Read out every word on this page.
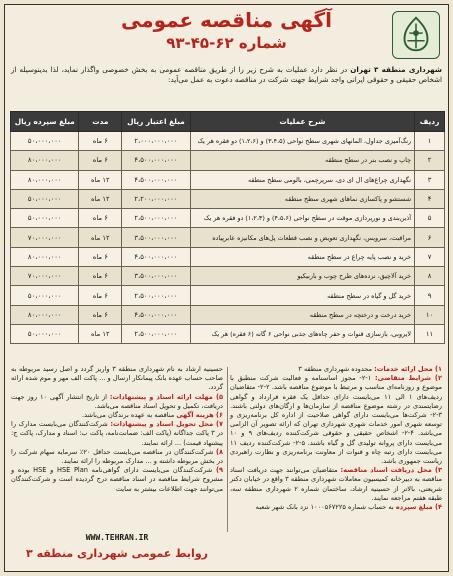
آگهی مناقصه عمومی
شماره ۶۲-۴۵-۹۳
شهرداری منطقه ۳ تهران در نظر دارد عملیات به شرح زیر را از طریق مناقصه عمومی به بخش خصوصی واگذار نماید، لذا بدینوسیله از اشخاص حقیقی و حقوقی ایرانی واجد شرایط جهت شرکت در مناقصه دعوت به عمل می‌آید:
ردیف	شرح عملیات	مبلغ اعتبار ریال	مدت	مبلغ سپرده ریال
۱	رنگ‌آمیزی جداول، المانهای شهری سطح نواحی (۳،۴،۵) و (۱،۲،۶) دو فقره هر یک	۲،۰۰۰،۰۰۰،۰۰۰	۶ ماه	۵۰،۰۰۰،۰۰۰
۲	چاپ و نصب بنر در سطح منطقه	۴،۵۰۰،۰۰۰،۰۰۰	۶ ماه	۸۰،۰۰۰،۰۰۰
۳	نگهداری چراغ‌های ال ای دی، سرپرچمی، بالومی سطح منطقه	۴،۵۰۰،۰۰۰،۰۰۰	۱۲ ماه	۸۰،۰۰۰،۰۰۰
۴	شستشو و پاکسازی نماهای شهری سطح منطقه	۲،۲۰۰،۰۰۰،۰۰۰	۱۲ ماه	۵۰،۰۰۰،۰۰۰
۵	آذین‌بندی و نورپردازی موقت در سطح نواحی (۴،۵،۶) و (۱،۲،۳) دو فقره هر یک	۲،۵۰۰،۰۰۰،۰۰۰	۶ ماه	۵۰،۰۰۰،۰۰۰
۶	مراقبت، سرویس، نگهداری تعویض و نصب قطعات پل‌های مکانیزه عابرپیاده	۳،۵۰۰،۰۰۰،۰۰۰	۱۲ ماه	۷۰،۰۰۰،۰۰۰
۷	خرید و نصب پایه چراغ در سطح منطقه	۴،۵۰۰،۰۰۰،۰۰۰	۶ ماه	۸۰،۰۰۰،۰۰۰
۸	خرید آلاچیق، نرده‌های طرح چوب و باربیکیو	۳،۵۰۰،۰۰۰،۰۰۰	۶ ماه	۷۰،۰۰۰،۰۰۰
۹	خرید گل و گیاه در سطح منطقه	۲،۵۰۰،۰۰۰،۰۰۰	۶ ماه	۵۰،۰۰۰،۰۰۰
۱۰	خرید درخت و درختچه در سطح منطقه	۴،۵۰۰،۰۰۰،۰۰۰	۶ ماه	۸۰،۰۰۰،۰۰۰
۱۱	لایروبی، بازسازی قنوات و حفر چاه‌های جذبی نواحی ۶ گانه (۶ فقره) هر یک	۲،۵۰۰،۰۰۰،۰۰۰	۱۲ ماه	۵۰،۰۰۰،۰۰۰
۱) محل ارائه خدمات: محدوده شهرداری منطقه ۳
۲) شرایط متقاضی: ۱-۲- مجوز اساسنامه و فعالیت شرکت منطبق با موضوع و روزنامه‌ای مناسب و مرتبط با موضوع مناقصه باشد. ۲-۲- متقاضیان ردیف‌های ۱ الی ۱۱ می‌بایست دارای حداقل یک فقره قرارداد و گواهی رضایتمندی در رشته موضوع مناقصه از سازمان‌ها و ارگان‌های دولتی باشند. ۳-۲- شرکت‌ها می‌بایست دارای گواهی صلاحیت از اداره کل برنامه‌ریزی و توسعه شهری امور خدمات شهری شهرداری تهران که ارائه تصویر آن الزامی می‌باشد. ۴-۲- اشخاص حقیقی و حقوقی شرکت‌کننده ردیف‌های ۹ و ۱۰ می‌بایست دارای پروانه تولیدی گل و گیاه باشند. ۵-۲- شرکت‌کننده ردیف ۱۱ می‌بایست دارای رتبه چاه و قنوات از معاونت برنامه‌ریزی و نظارت راهبردی ریاست جمهوری باشد.
۳) محل دریافت اسناد مناقصه: متقاضیان می‌توانند جهت دریافت اسناد مناقصه به دبیرخانه کمیسیون معاملات شهرداری منطقه ۳ واقع در خیابان دکتر شریعتی، بالاتر از حسینیه ارشاد، ساختمان شماره ۲ شهرداری منطقه سه، طبقه هفتم مراجعه نمایند.
۴) مبلغ سپرده به حساب شماره ۱۰۰۰۵۶۷۲۲۵ نزد بانک شهر شعبه
حسینیه ارشاد به نام شهرداری منطقه ۳ واریز گردد و اصل رسید مربوطه به صاحب حساب عهده بانک پیمانکار ارسال و ... پاکت الف مهر و موم شده ارائه گردد.
۵) مهلت ارائه اسناد و پیشنهادات: از تاریخ انتشار آگهی ۱۰ روز جهت دریافت، تکمیل و تحویل اسناد مناقصه می‌باشد.
۶) هزینه آگهی مناقصه به عهده برندگان می‌باشد.
۷) محل تحویل اسناد و پیشنهادات: شرکت‌کنندگان می‌بایست مدارک را در ۳ پاکت جداگانه (پاکت الف: ضمانت‌نامه، پاکت ب: اسناد و مدارک، پاکت ج: پیشنهاد قیمت) ... ارائه نمایند.
۸) شرکت‌کنندگان در مناقصه می‌بایست حداقل ۲۰٪ سرمایه سهام شرکت را در بخش مربوطه داشته و ... مدارک مربوطه را ارائه نمایند.
۹) شرکت‌کنندگان می‌بایست دارای گواهی‌نامه HSE Plan و HSE بوده و مشروح شرایط مناقصه در اسناد مناقصه درج گردیده است و شرکت‌کنندگان می‌توانند جهت اطلاعات بیشتر به سایت
WWW.TEHRAN.IR
روابط عمومی شهرداری منطقه ۳
